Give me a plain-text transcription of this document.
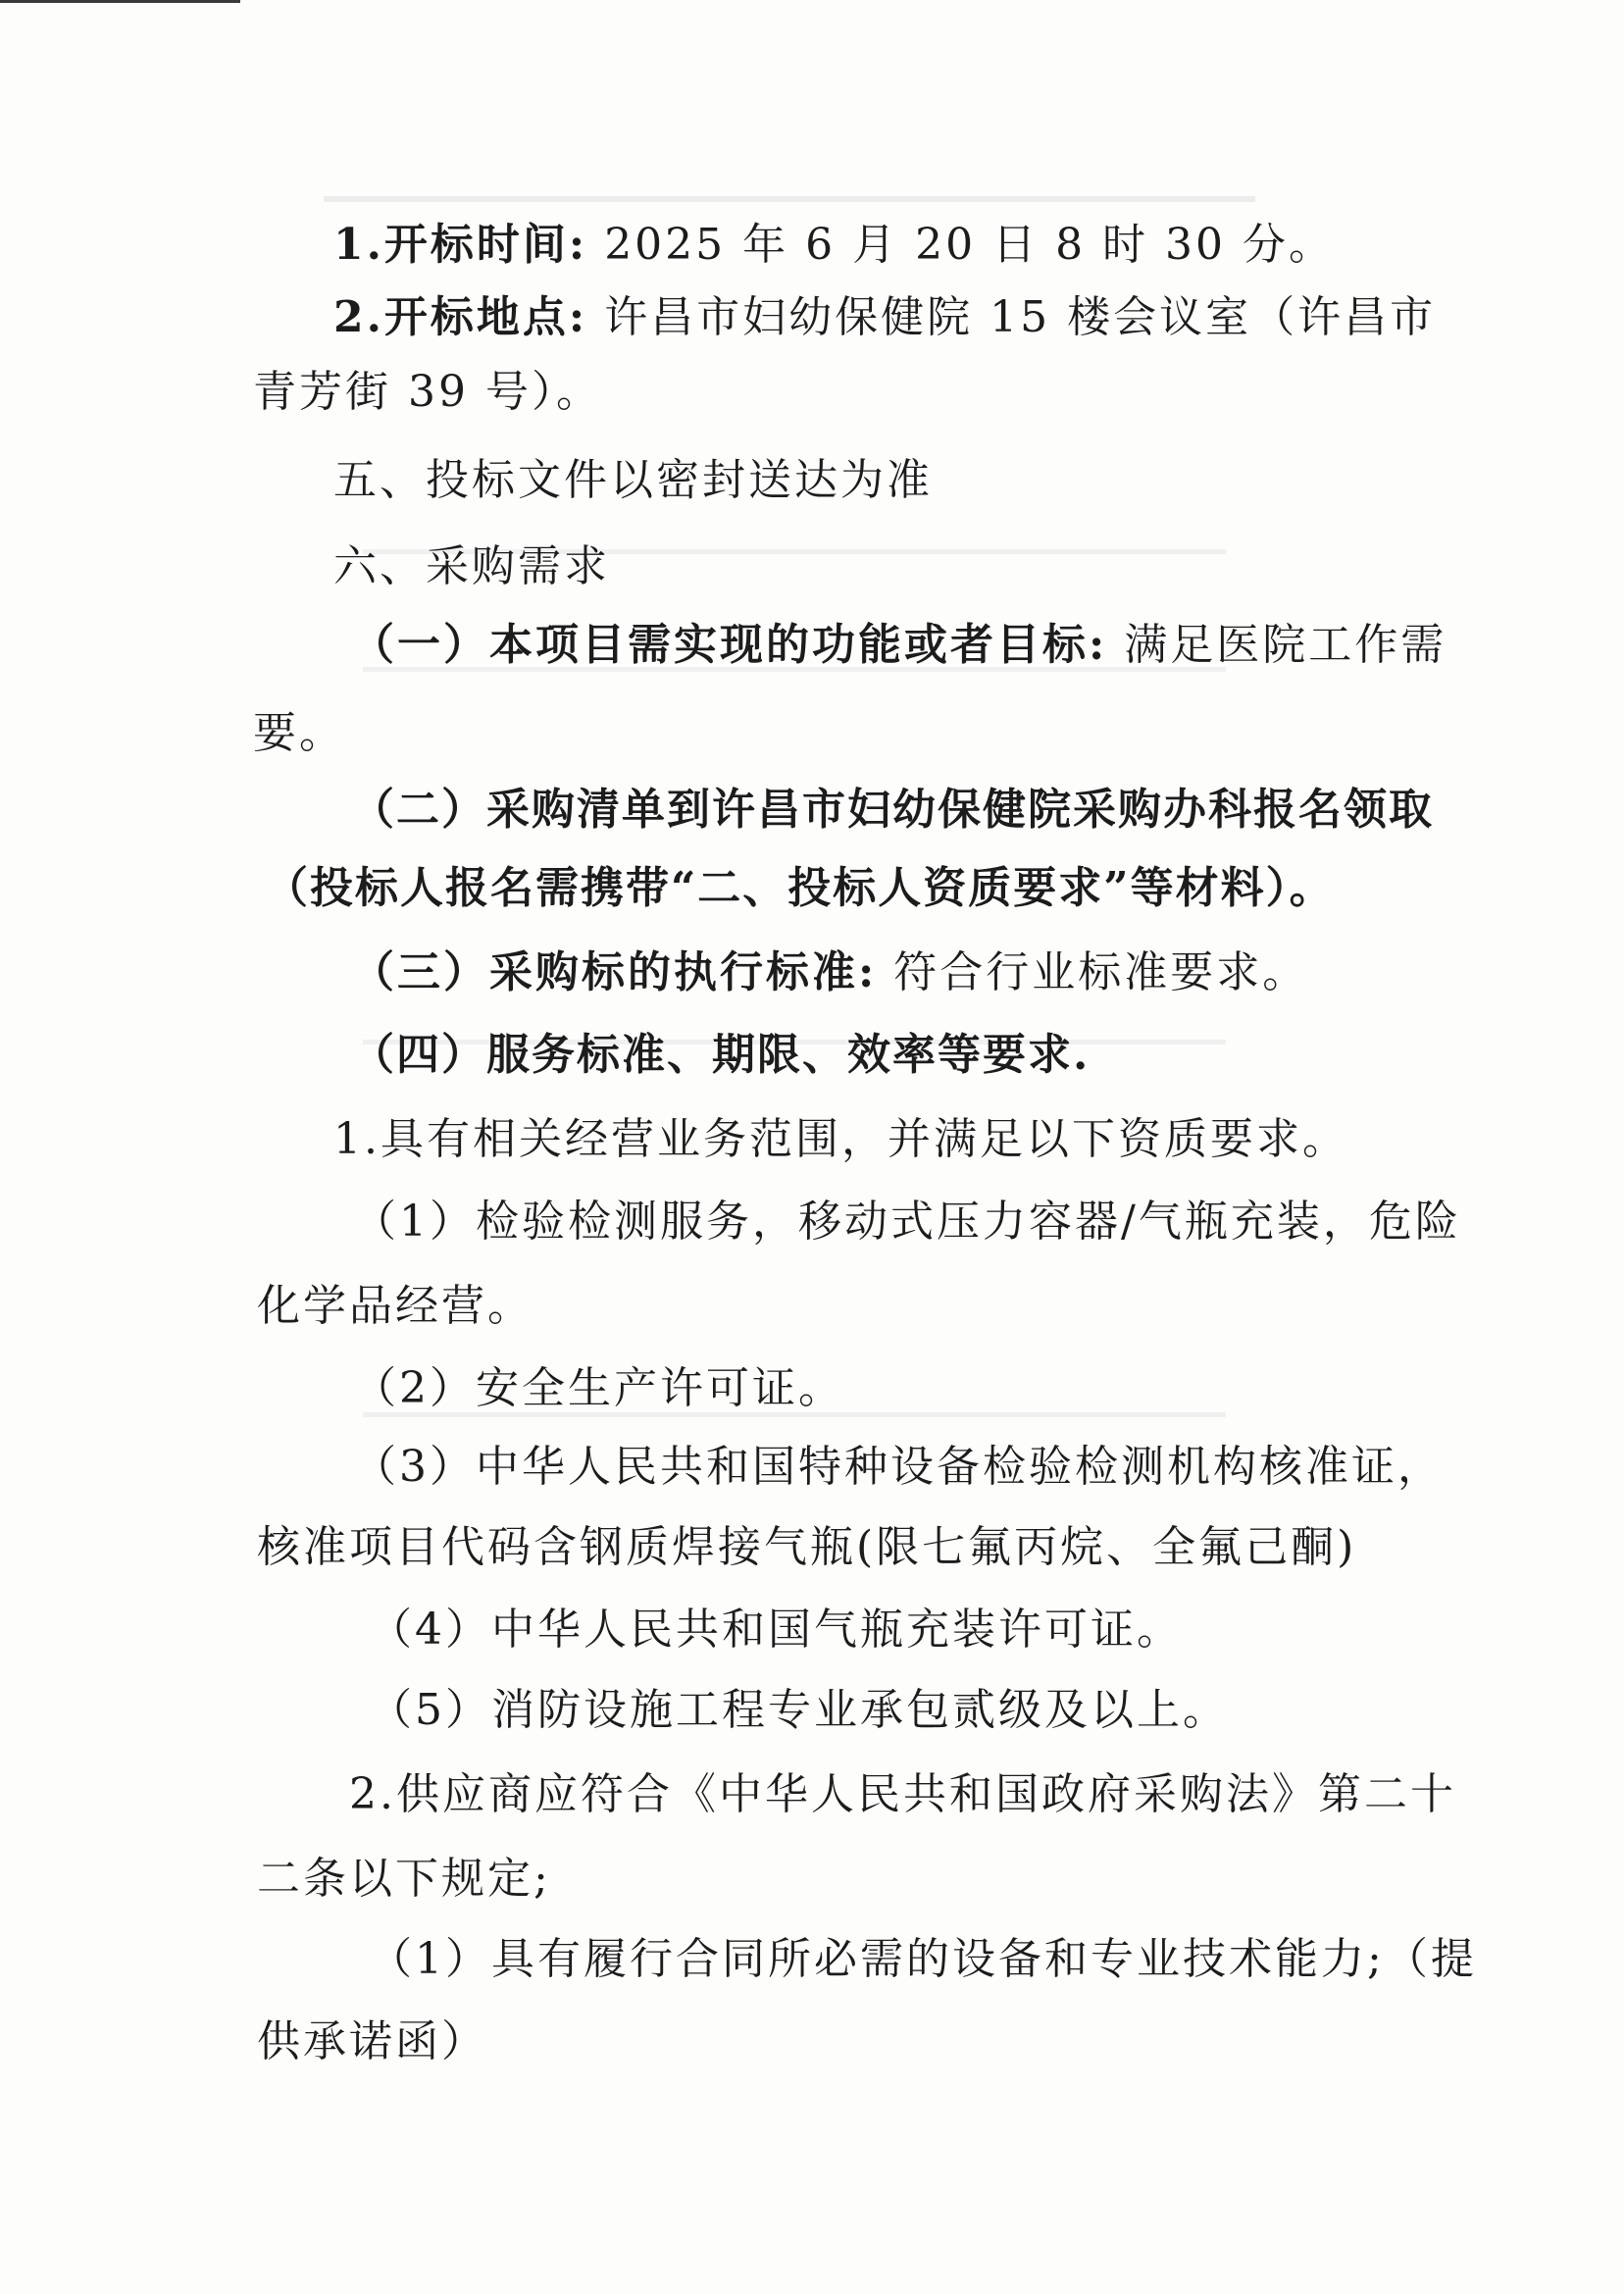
1.开标时间: 2025 年 6 月 20 日 8 时 30 分。
2.开标地点: 许昌市妇幼保健院 15 楼会议室（许昌市
青芳街 39 号）。
五、投标文件以密封送达为准
六、采购需求
（一）本项目需实现的功能或者目标: 满足医院工作需
要。
（二）采购清单到许昌市妇幼保健院采购办科报名领取
（投标人报名需携带“二、投标人资质要求”等材料）。
（三）采购标的执行标准: 符合行业标准要求。
（四）服务标准、期限、效率等要求.
1.具有相关经营业务范围，并满足以下资质要求。
（1）检验检测服务，移动式压力容器/气瓶充装，危险
化学品经营。
（2）安全生产许可证。
（3）中华人民共和国特种设备检验检测机构核准证，
核准项目代码含钢质焊接气瓶(限七氟丙烷、全氟己酮)
（4）中华人民共和国气瓶充装许可证。
（5）消防设施工程专业承包贰级及以上。
2.供应商应符合《中华人民共和国政府采购法》第二十
二条以下规定;
（1）具有履行合同所必需的设备和专业技术能力;（提
供承诺函）
